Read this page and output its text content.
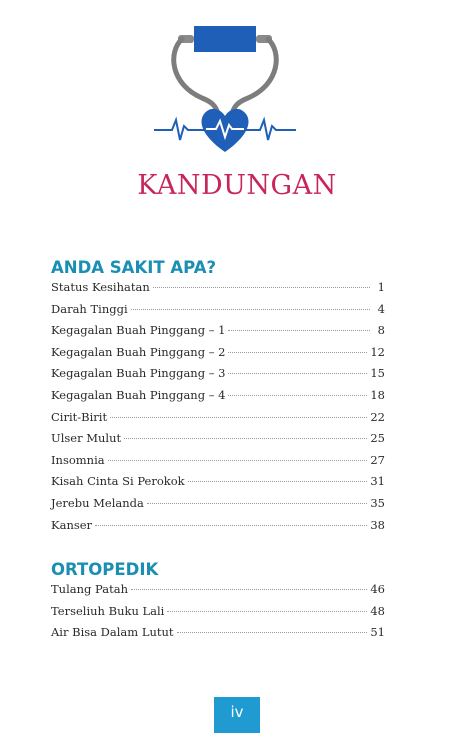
KANDUNGAN
ANDA SAKIT APA?
Status Kesihatan	1
Darah Tinggi	4
Kegagalan Buah Pinggang – 1	8
Kegagalan Buah Pinggang – 2	12
Kegagalan Buah Pinggang – 3	15
Kegagalan Buah Pinggang – 4	18
Cirit-Birit	22
Ulser Mulut	25
Insomnia	27
Kisah Cinta Si Perokok	31
Jerebu Melanda	35
Kanser	38
ORTOPEDIK
Tulang Patah	46
Terseliuh Buku Lali	48
Air Bisa Dalam Lutut	51
iv
